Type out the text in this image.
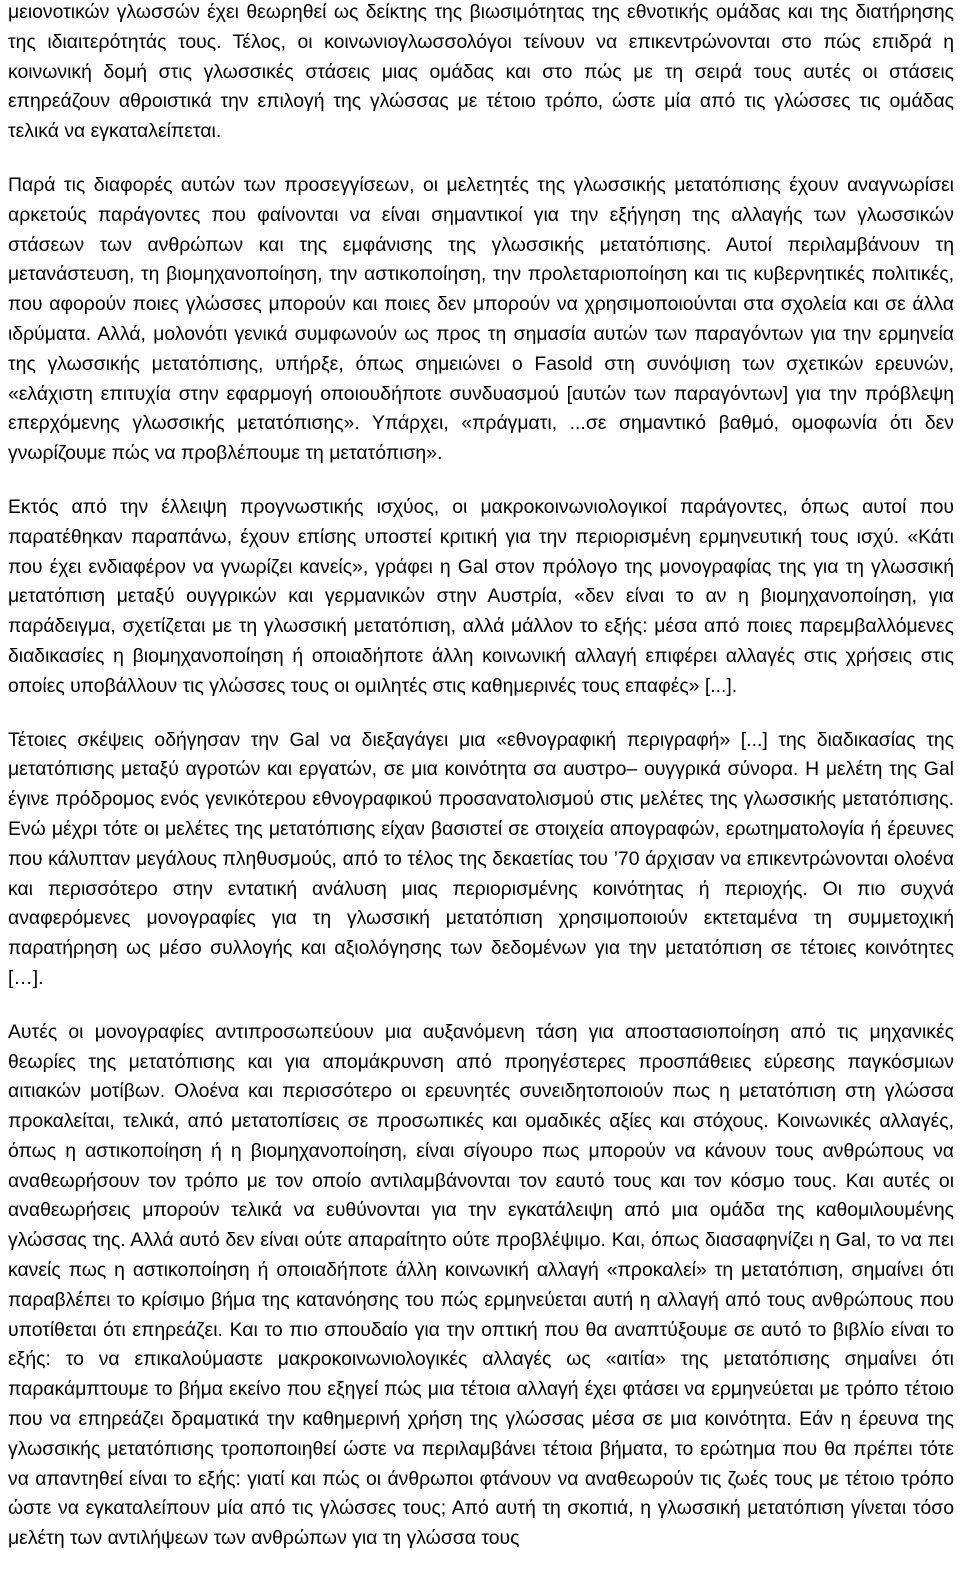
μειονοτικών γλωσσών έχει θεωρηθεί ως δείκτης της βιωσιμότητας της εθνοτικής ομάδας και της διατήρησης της ιδιαιτερότητάς τους. Τέλος, οι κοινωνιογλωσσολόγοι τείνουν να επικεντρώνονται στο πώς επιδρά η κοινωνική δομή στις γλωσσικές στάσεις μιας ομάδας και στο πώς με τη σειρά τους αυτές οι στάσεις επηρεάζουν αθροιστικά την επιλογή της γλώσσας με τέτοιο τρόπο, ώστε μία από τις γλώσσες τις ομάδας τελικά να εγκαταλείπεται.

Παρά τις διαφορές αυτών των προσεγγίσεων, οι μελετητές της γλωσσικής μετατόπισης έχουν αναγνωρίσει αρκετούς παράγοντες που φαίνονται να είναι σημαντικοί για την εξήγηση της αλλαγής των γλωσσικών στάσεων των ανθρώπων και της εμφάνισης της γλωσσικής μετατόπισης. Αυτοί περιλαμβάνουν τη μετανάστευση, τη βιομηχανοποίηση, την αστικοποίηση, την προλεταριοποίηση και τις κυβερνητικές πολιτικές, που αφορούν ποιες γλώσσες μπορούν και ποιες δεν μπορούν να χρησιμοποιούνται στα σχολεία και σε άλλα ιδρύματα. Αλλά, μολονότι γενικά συμφωνούν ως προς τη σημασία αυτών των παραγόντων για την ερμηνεία της γλωσσικής μετατόπισης, υπήρξε, όπως σημειώνει ο Fasold στη συνόψιση των σχετικών ερευνών, «ελάχιστη επιτυχία στην εφαρμογή οποιουδήποτε συνδυασμού [αυτών των παραγόντων] για την πρόβλεψη επερχόμενης γλωσσικής μετατόπισης». Υπάρχει, «πράγματι, ...σε σημαντικό βαθμό, ομοφωνία ότι δεν γνωρίζουμε πώς να προβλέπουμε τη μετατόπιση».

Εκτός από την έλλειψη προγνωστικής ισχύος, οι μακροκοινωνιολογικοί παράγοντες, όπως αυτοί που παρατέθηκαν παραπάνω, έχουν επίσης υποστεί κριτική για την περιορισμένη ερμηνευτική τους ισχύ. «Κάτι που έχει ενδιαφέρον να γνωρίζει κανείς», γράφει η Gal στον πρόλογο της μονογραφίας της για τη γλωσσική μετατόπιση μεταξύ ουγγρικών και γερμανικών στην Αυστρία, «δεν είναι το αν η βιομηχανοποίηση, για παράδειγμα, σχετίζεται με τη γλωσσική μετατόπιση, αλλά μάλλον το εξής: μέσα από ποιες παρεμβαλλόμενες διαδικασίες η βιομηχανοποίηση ή οποιαδήποτε άλλη κοινωνική αλλαγή επιφέρει αλλαγές στις χρήσεις στις οποίες υποβάλλουν τις γλώσσες τους οι ομιλητές στις καθημερινές τους επαφές» [...].

Τέτοιες σκέψεις οδήγησαν την Gal να διεξαγάγει μια «εθνογραφική περιγραφή» [...] της διαδικασίας της μετατόπισης μεταξύ αγροτών και εργατών, σε μια κοινότητα σα αυστρο– ουγγρικά σύνορα. Η μελέτη της Gal έγινε πρόδρομος ενός γενικότερου εθνογραφικού προσανατολισμού στις μελέτες της γλωσσικής μετατόπισης. Ενώ μέχρι τότε οι μελέτες της μετατόπισης είχαν βασιστεί σε στοιχεία απογραφών, ερωτηματολογία ή έρευνες που κάλυπταν μεγάλους πληθυσμούς, από το τέλος της δεκαετίας του ’70 άρχισαν να επικεντρώνονται ολοένα και περισσότερο στην εντατική ανάλυση μιας περιορισμένης κοινότητας ή περιοχής. Οι πιο συχνά αναφερόμενες μονογραφίες για τη γλωσσική μετατόπιση χρησιμοποιούν εκτεταμένα τη συμμετοχική παρατήρηση ως μέσο συλλογής και αξιολόγησης των δεδομένων για την μετατόπιση σε τέτοιες κοινότητες […].

Αυτές οι μονογραφίες αντιπροσωπεύουν μια αυξανόμενη τάση για αποστασιοποίηση από τις μηχανικές θεωρίες της μετατόπισης και για απομάκρυνση από προηγέστερες προσπάθειες εύρεσης παγκόσμιων αιτιακών μοτίβων. Ολοένα και περισσότερο οι ερευνητές συνειδητοποιούν πως η μετατόπιση στη γλώσσα προκαλείται, τελικά, από μετατοπίσεις σε προσωπικές και ομαδικές αξίες και στόχους. Κοινωνικές αλλαγές, όπως η αστικοποίηση ή η βιομηχανοποίηση, είναι σίγουρο πως μπορούν να κάνουν τους ανθρώπους να αναθεωρήσουν τον τρόπο με τον οποίο αντιλαμβάνονται τον εαυτό τους και τον κόσμο τους. Και αυτές οι αναθεωρήσεις μπορούν τελικά να ευθύνονται για την εγκατάλειψη από μια ομάδα της καθομιλουμένης γλώσσας της. Αλλά αυτό δεν είναι ούτε απαραίτητο ούτε προβλέψιμο. Και, όπως διασαφηνίζει η Gal, το να πει κανείς πως η αστικοποίηση ή οποιαδήποτε άλλη κοινωνική αλλαγή «προκαλεί» τη μετατόπιση, σημαίνει ότι παραβλέπει το κρίσιμο βήμα της κατανόησης του πώς ερμηνεύεται αυτή η αλλαγή από τους ανθρώπους που υποτίθεται ότι επηρεάζει. Και το πιο σπουδαίο για την οπτική που θα αναπτύξουμε σε αυτό το βιβλίο είναι το εξής: το να επικαλούμαστε μακροκοινωνιολογικές αλλαγές ως «αιτία» της μετατόπισης σημαίνει ότι παρακάμπτουμε το βήμα εκείνο που εξηγεί πώς μια τέτοια αλλαγή έχει φτάσει να ερμηνεύεται με τρόπο τέτοιο που να επηρεάζει δραματικά την καθημερινή χρήση της γλώσσας μέσα σε μια κοινότητα. Εάν η έρευνα της γλωσσικής μετατόπισης τροποποιηθεί ώστε να περιλαμβάνει τέτοια βήματα, το ερώτημα που θα πρέπει τότε να απαντηθεί είναι το εξής: γιατί και πώς οι άνθρωποι φτάνουν να αναθεωρούν τις ζωές τους με τέτοιο τρόπο ώστε να εγκαταλείπουν μία από τις γλώσσες τους; Από αυτή τη σκοπιά, η γλωσσική μετατόπιση γίνεται τόσο μελέτη των αντιλήψεων των ανθρώπων για τη γλώσσα τους
